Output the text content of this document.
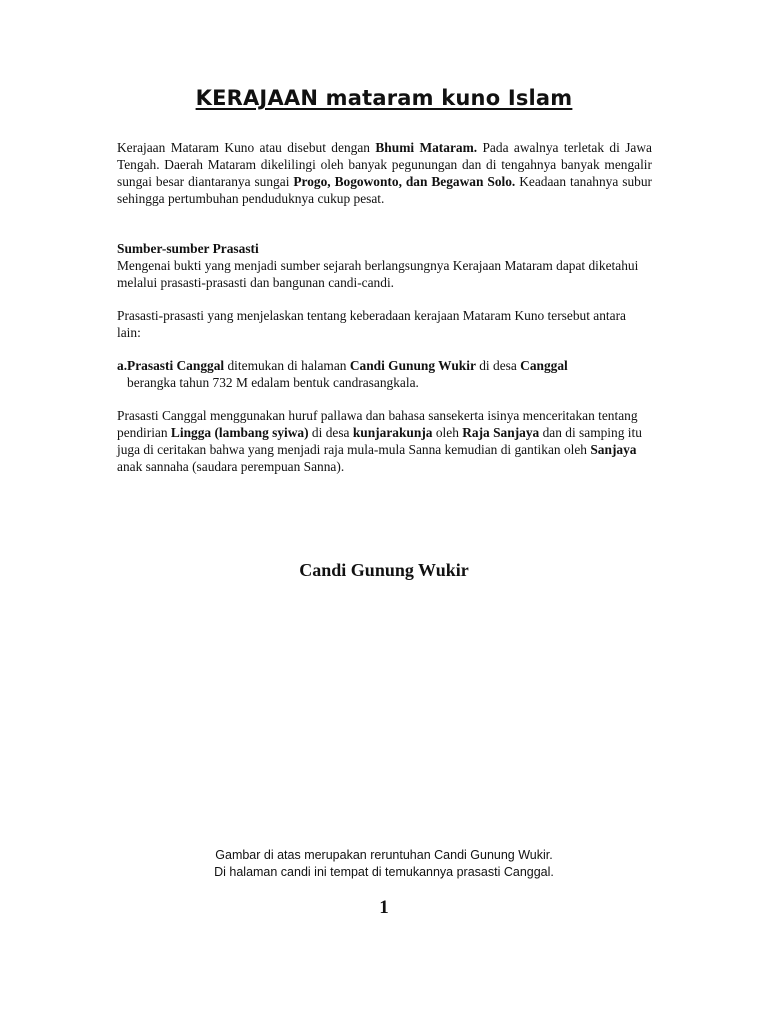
KERAJAAN mataram kuno Islam

Kerajaan Mataram Kuno atau disebut dengan Bhumi Mataram. Pada awalnya terletak di Jawa Tengah. Daerah Mataram dikelilingi oleh banyak pegunungan dan di tengahnya banyak mengalir sungai besar diantaranya sungai Progo, Bogowonto, dan Begawan Solo. Keadaan tanahnya subur sehingga pertumbuhan penduduknya cukup pesat.

Sumber-sumber Prasasti
Mengenai bukti yang menjadi sumber sejarah berlangsungnya Kerajaan Mataram dapat diketahui melalui prasasti-prasasti dan bangunan candi-candi.

Prasasti-prasasti yang menjelaskan tentang keberadaan kerajaan Mataram Kuno tersebut antara lain:

a.Prasasti Canggal ditemukan di halaman Candi Gunung Wukir di desa Canggal
berangka tahun 732 M edalam bentuk candrasangkala.

Prasasti Canggal menggunakan huruf pallawa dan bahasa sansekerta isinya menceritakan tentang pendirian Lingga (lambang syiwa) di desa kunjarakunja oleh Raja Sanjaya dan di samping itu juga di ceritakan bahwa yang menjadi raja mula-mula Sanna kemudian di gantikan oleh Sanjaya anak sannaha (saudara perempuan Sanna).

Candi Gunung Wukir
Gambar di atas merupakan reruntuhan Candi Gunung Wukir.
Di halaman candi ini tempat di temukannya prasasti Canggal.
1
